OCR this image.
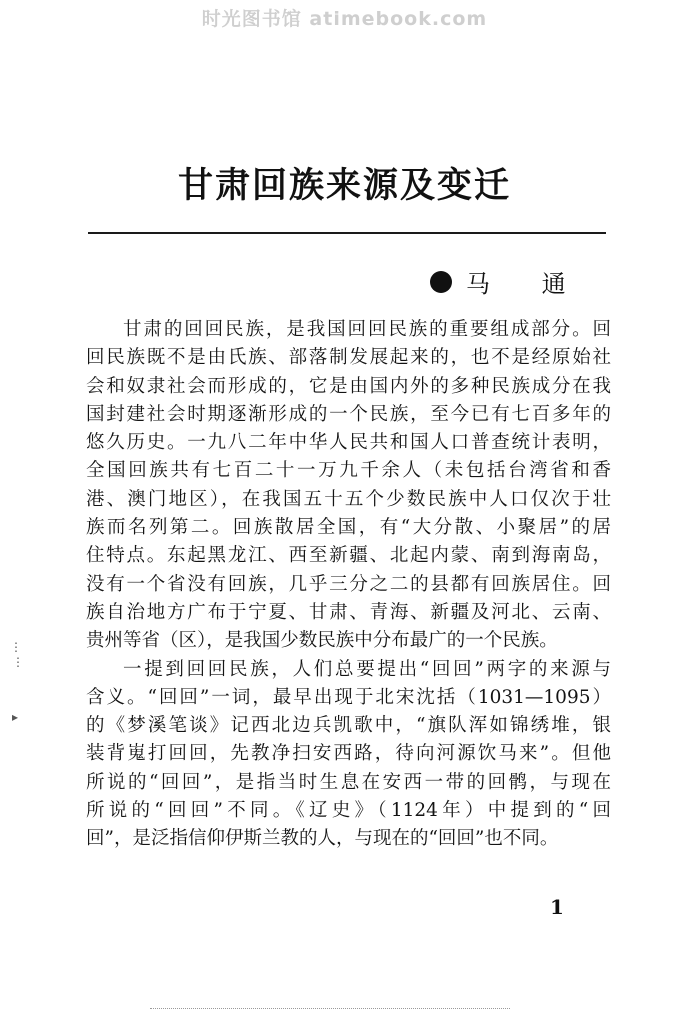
时光图书馆 atimebook.com
甘肃回族来源及变迁
马 通
甘肃的回回民族，是我国回回民族的重要组成部分。回
回民族既不是由氏族、部落制发展起来的，也不是经原始社
会和奴隶社会而形成的，它是由国内外的多种民族成分在我
国封建社会时期逐渐形成的一个民族，至今已有七百多年的
悠久历史。一九八二年中华人民共和国人口普查统计表明，
全国回族共有七百二十一万九千余人（未包括台湾省和香
港、澳门地区），在我国五十五个少数民族中人口仅次于壮
族而名列第二。回族散居全国，有“大分散、小聚居”的居
住特点。东起黑龙江、西至新疆、北起内蒙、南到海南岛，
没有一个省没有回族，几乎三分之二的县都有回族居住。回
族自治地方广布于宁夏、甘肃、青海、新疆及河北、云南、
贵州等省（区），是我国少数民族中分布最广的一个民族。
一提到回回民族，人们总要提出“回回”两字的来源与
含义。“回回”一词，最早出现于北宋沈括（1031—1095）
的《梦溪笔谈》记西北边兵凯歌中，“旗队浑如锦绣堆，银
装背嵬打回回，先教净扫安西路，待向河源饮马来”。但他
所说的“回回”，是指当时生息在安西一带的回鹘，与现在
所说的“回回”不同。《辽史》（1124年）中提到的“回
回”，是泛指信仰伊斯兰教的人，与现在的“回回”也不同。
⋮
⋮
▸
1
